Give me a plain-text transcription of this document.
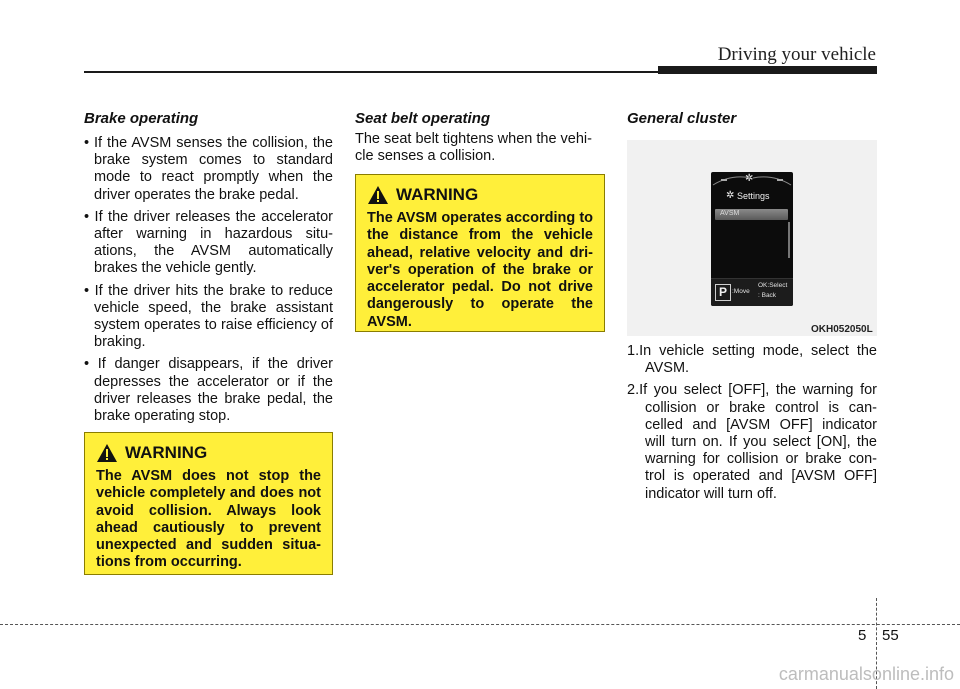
Driving your vehicle
Brake operating
• If the AVSM senses the collision, the brake system comes to standard mode to react promptly when the driver operates the brake pedal.
• If the driver releases the accelerator after warning in hazardous situations, the AVSM automatically brakes the vehicle gently.
• If the driver hits the brake to reduce vehicle speed, the brake assistant system operates to raise efficiency of braking.
• If danger disappears, if the driver depresses the accelerator or if the driver releases the brake pedal, the brake operating stop.
WARNING
The AVSM does not stop the vehicle completely and does not avoid collision. Always look ahead cautiously to prevent unexpected and sudden situations from occurring.
Seat belt operating
The seat belt tightens when the vehicle senses a collision.
WARNING
The AVSM operates according to the distance from the vehicle ahead, relative velocity and driver's operation of the brake or accelerator pedal. Do not drive dangerously to operate the AVSM.
General cluster
✲
✲ Settings
AVSM
P :Move
OK:Select
: Back
OKH052050L
1.In vehicle setting mode, select the AVSM.
2.If you select [OFF], the warning for collision or brake control is cancelled and [AVSM OFF] indicator will turn on. If you select [ON], the warning for collision or brake control is operated and [AVSM OFF] indicator will turn off.
5 55
carmanualsonline.info
